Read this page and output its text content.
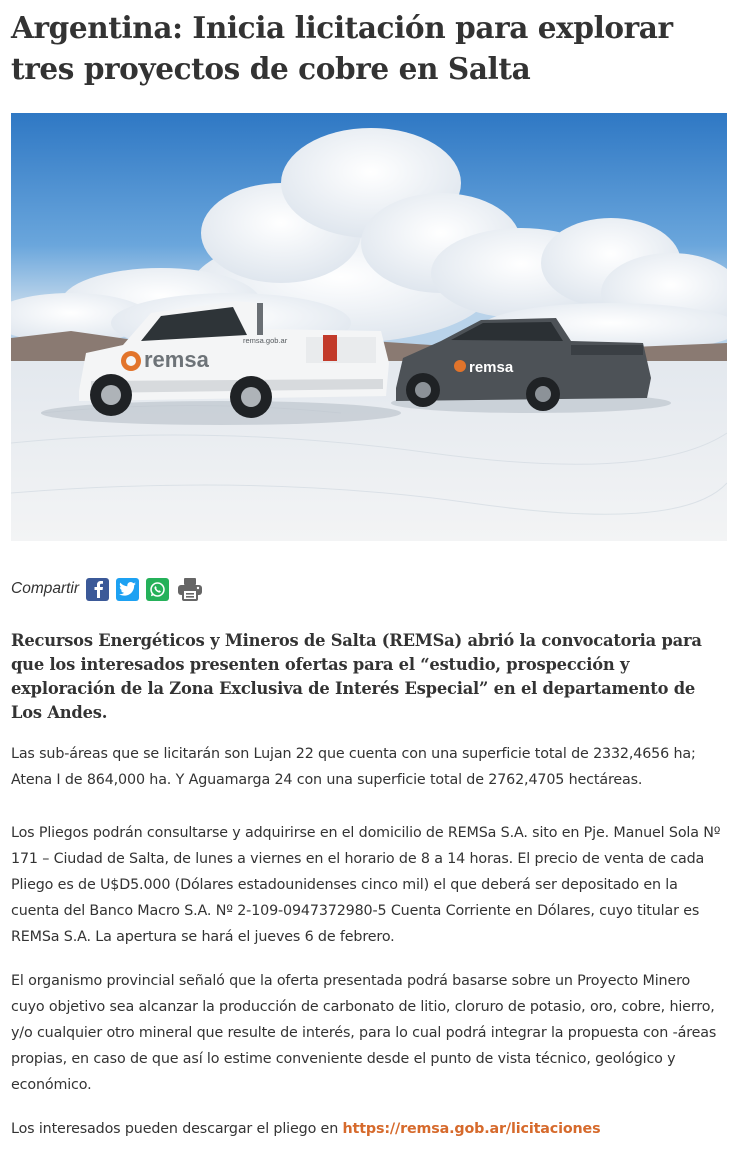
Argentina: Inicia licitación para explorar tres proyectos de cobre en Salta
remsa
remsa
remsa.gob.ar
Compartir

Recursos Energéticos y Mineros de Salta (REMSa) abrió la convocatoria para que los interesados presenten ofertas para el “estudio, prospección y exploración de la Zona Exclusiva de Interés Especial” en el departamento de Los Andes.

Las sub-áreas que se licitarán son Lujan 22 que cuenta con una superficie total de 2332,4656 ha; Atena I de 864,000 ha. Y Aguamarga 24 con una superficie total de 2762,4705 hectáreas.

Los Pliegos podrán consultarse y adquirirse en el domicilio de REMSa S.A. sito en Pje. Manuel Sola Nº 171 – Ciudad de Salta, de lunes a viernes en el horario de 8 a 14 horas. El precio de venta de cada Pliego es de U$D5.000 (Dólares estadounidenses cinco mil) el que deberá ser depositado en la cuenta del Banco Macro S.A. Nº 2-109-0947372980-5 Cuenta Corriente en Dólares, cuyo titular es REMSa S.A. La apertura se hará el jueves 6 de febrero.

El organismo provincial señaló que la oferta presentada podrá basarse sobre un Proyecto Minero cuyo objetivo sea alcanzar la producción de carbonato de litio, cloruro de potasio, oro, cobre, hierro, y/o cualquier otro mineral que resulte de interés, para lo cual podrá integrar la propuesta con -áreas propias, en caso de que así lo estime conveniente desde el punto de vista técnico, geológico y económico.

Los interesados pueden descargar el pliego en https://remsa.gob.ar/licitaciones
